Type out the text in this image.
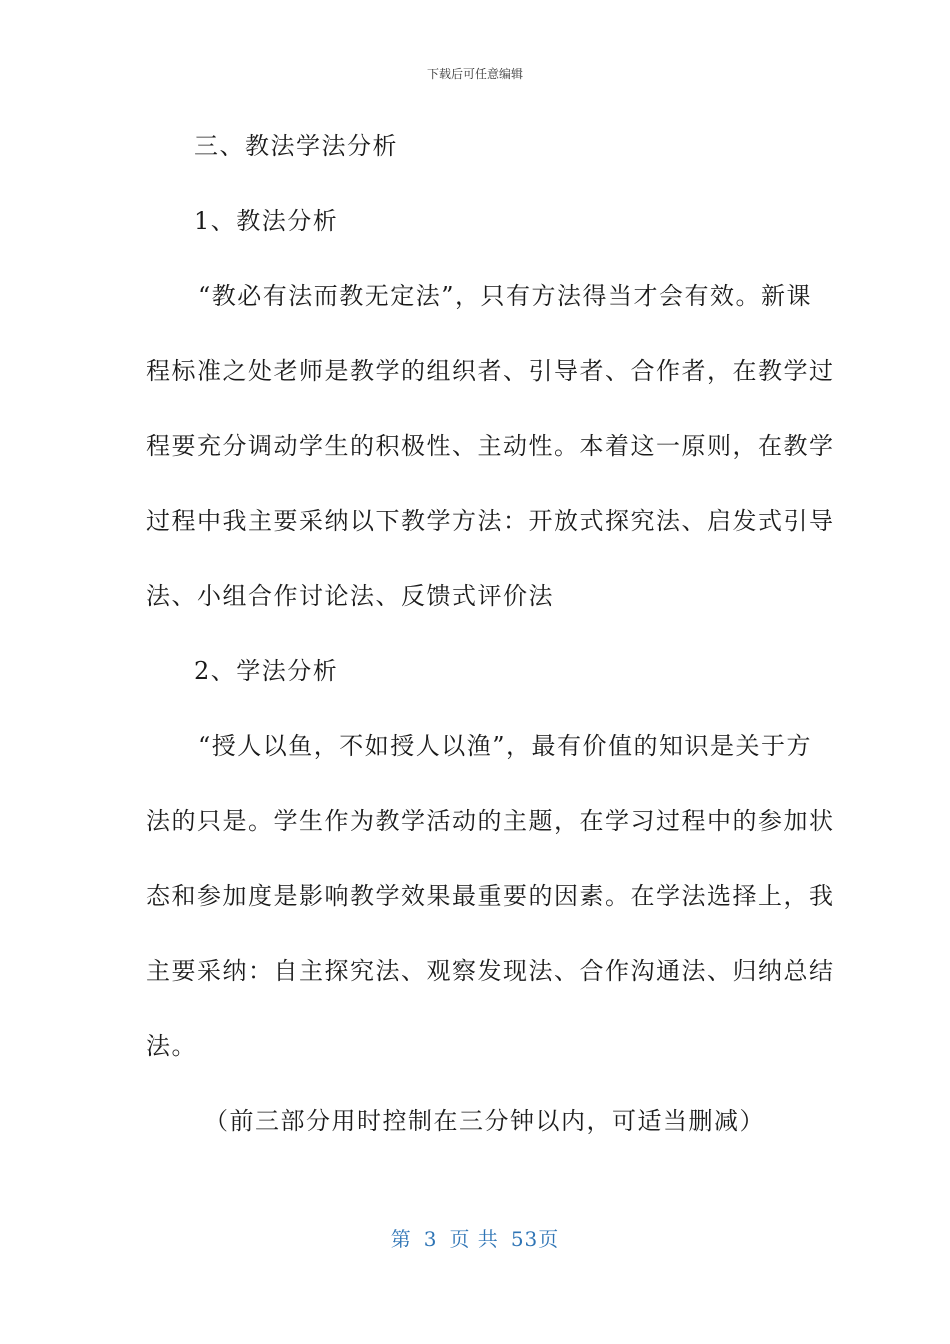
下载后可任意编辑
三、教法学法分析
1、教法分析
“教必有法而教无定法”，只有方法得当才会有效。新课
程标准之处老师是教学的组织者、引导者、合作者，在教学过
程要充分调动学生的积极性、主动性。本着这一原则，在教学
过程中我主要采纳以下教学方法：开放式探究法、启发式引导
法、小组合作讨论法、反馈式评价法
2、学法分析
“授人以鱼，不如授人以渔”，最有价值的知识是关于方
法的只是。学生作为教学活动的主题，在学习过程中的参加状
态和参加度是影响教学效果最重要的因素。在学法选择上，我
主要采纳：自主探究法、观察发现法、合作沟通法、归纳总结
法。
（前三部分用时控制在三分钟以内，可适当删减）
第 3 页 共 53页
